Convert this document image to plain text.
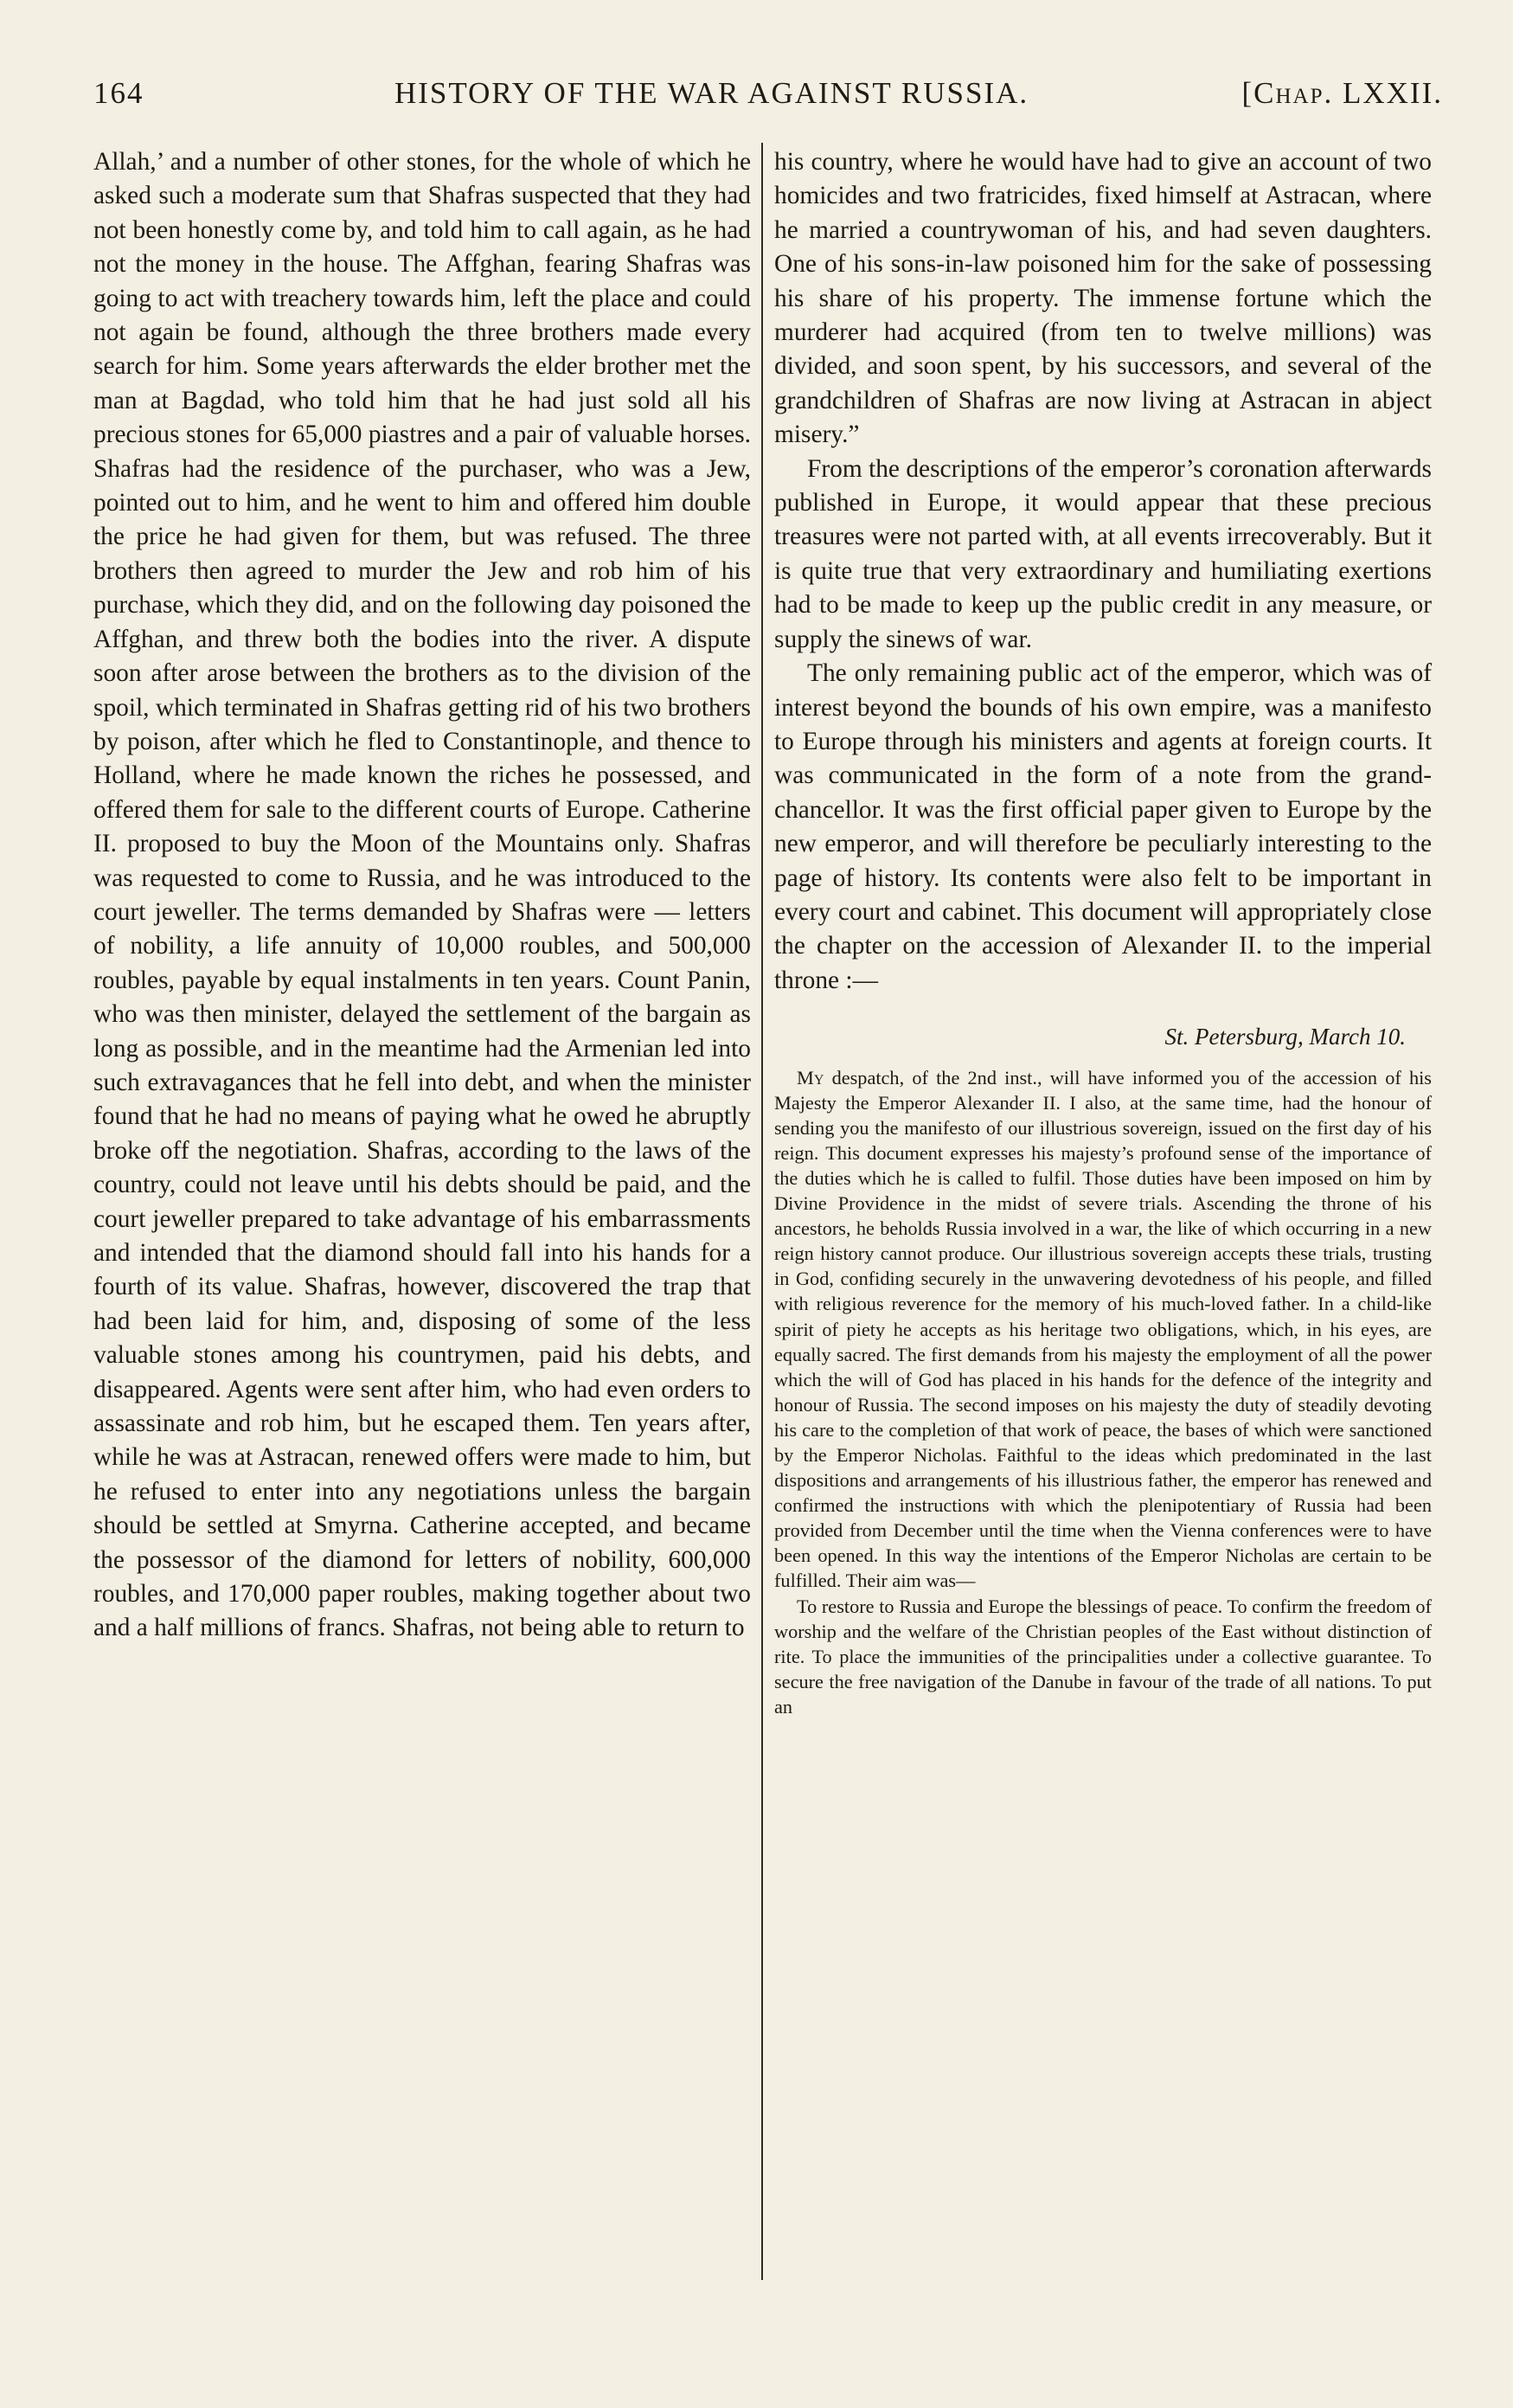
164	HISTORY OF THE WAR AGAINST RUSSIA.	[Chap. LXXII.

Allah,’ and a number of other stones, for the whole of which he asked such a moderate sum that Shafras suspected that they had not been honestly come by, and told him to call again, as he had not the money in the house. The Affghan, fearing Shafras was going to act with treachery towards him, left the place and could not again be found, although the three brothers made every search for him. Some years afterwards the elder brother met the man at Bagdad, who told him that he had just sold all his precious stones for 65,000 piastres and a pair of valuable horses. Shafras had the residence of the purchaser, who was a Jew, pointed out to him, and he went to him and offered him double the price he had given for them, but was refused. The three brothers then agreed to murder the Jew and rob him of his purchase, which they did, and on the following day poisoned the Affghan, and threw both the bodies into the river. A dispute soon after arose between the brothers as to the division of the spoil, which terminated in Shafras getting rid of his two brothers by poison, after which he fled to Constantinople, and thence to Holland, where he made known the riches he possessed, and offered them for sale to the different courts of Europe. Catherine II. proposed to buy the Moon of the Mountains only. Shafras was requested to come to Russia, and he was introduced to the court jeweller. The terms demanded by Shafras were — letters of nobility, a life annuity of 10,000 roubles, and 500,000 roubles, payable by equal instalments in ten years. Count Panin, who was then minister, delayed the settlement of the bargain as long as possible, and in the meantime had the Armenian led into such extravagances that he fell into debt, and when the minister found that he had no means of paying what he owed he abruptly broke off the negotiation. Shafras, according to the laws of the country, could not leave until his debts should be paid, and the court jeweller prepared to take advantage of his embarrassments and intended that the diamond should fall into his hands for a fourth of its value. Shafras, however, discovered the trap that had been laid for him, and, disposing of some of the less valuable stones among his countrymen, paid his debts, and disappeared. Agents were sent after him, who had even orders to assassinate and rob him, but he escaped them. Ten years after, while he was at Astracan, renewed offers were made to him, but he refused to enter into any negotiations unless the bargain should be settled at Smyrna. Catherine accepted, and became the possessor of the diamond for letters of nobility, 600,000 roubles, and 170,000 paper roubles, making together about two and a half millions of francs. Shafras, not being able to return to

his country, where he would have had to give an account of two homicides and two fratricides, fixed himself at Astracan, where he married a countrywoman of his, and had seven daughters. One of his sons-in-law poisoned him for the sake of possessing his share of his property. The immense fortune which the murderer had acquired (from ten to twelve millions) was divided, and soon spent, by his successors, and several of the grandchildren of Shafras are now living at Astracan in abject misery.”

From the descriptions of the emperor’s coronation afterwards published in Europe, it would appear that these precious treasures were not parted with, at all events irrecoverably. But it is quite true that very extraordinary and humiliating exertions had to be made to keep up the public credit in any measure, or supply the sinews of war.

The only remaining public act of the emperor, which was of interest beyond the bounds of his own empire, was a manifesto to Europe through his ministers and agents at foreign courts. It was communicated in the form of a note from the grand-chancellor. It was the first official paper given to Europe by the new emperor, and will therefore be peculiarly interesting to the page of history. Its contents were also felt to be important in every court and cabinet. This document will appropriately close the chapter on the accession of Alexander II. to the imperial throne :—

St. Petersburg, March 10.

My despatch, of the 2nd inst., will have informed you of the accession of his Majesty the Emperor Alexander II. I also, at the same time, had the honour of sending you the manifesto of our illustrious sovereign, issued on the first day of his reign. This document expresses his majesty’s profound sense of the importance of the duties which he is called to fulfil. Those duties have been imposed on him by Divine Providence in the midst of severe trials. Ascending the throne of his ancestors, he beholds Russia involved in a war, the like of which occurring in a new reign history cannot produce. Our illustrious sovereign accepts these trials, trusting in God, confiding securely in the unwavering devotedness of his people, and filled with religious reverence for the memory of his much-loved father. In a child-like spirit of piety he accepts as his heritage two obligations, which, in his eyes, are equally sacred. The first demands from his majesty the employment of all the power which the will of God has placed in his hands for the defence of the integrity and honour of Russia. The second imposes on his majesty the duty of steadily devoting his care to the completion of that work of peace, the bases of which were sanctioned by the Emperor Nicholas. Faithful to the ideas which predominated in the last dispositions and arrangements of his illustrious father, the emperor has renewed and confirmed the instructions with which the plenipotentiary of Russia had been provided from December until the time when the Vienna conferences were to have been opened. In this way the intentions of the Emperor Nicholas are certain to be fulfilled. Their aim was—

To restore to Russia and Europe the blessings of peace. To confirm the freedom of worship and the welfare of the Christian peoples of the East without distinction of rite. To place the immunities of the principalities under a collective guarantee. To secure the free navigation of the Danube in favour of the trade of all nations. To put an
